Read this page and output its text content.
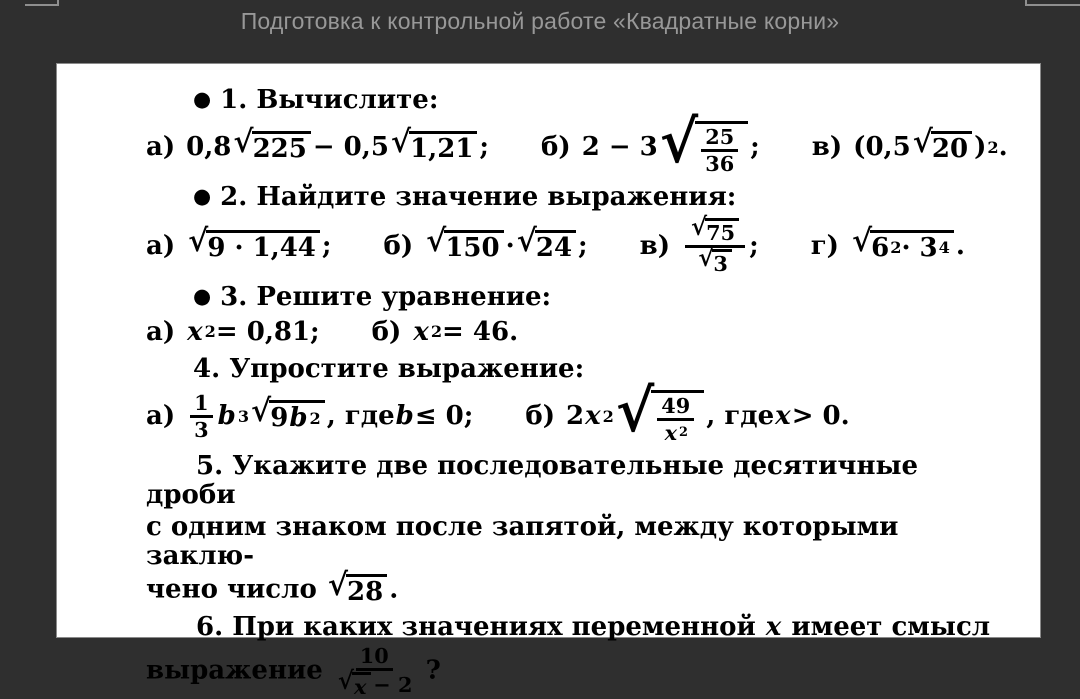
Подготовка к контрольной работе «Квадратные корни»
● 1. Вычислите:
а) 0,8 √ 225 − 0,5 √ 1,21 ; б) 2 − 3 √ $\frac{25}{36}$ ; в) (0,5 √ 20 ) 2 .
● 2. Найдите значение выражения:
а) √ 9 · 1,44 ; б) √ 150 · √ 24 ; $в) \frac{√ 75}{√ 3}$ ; г) √ 6 2 · 3 4 .
● 3. Решите уравнение:
а) x 2 = 0,81; б) x 2 = 46.
4. Упростите выражение:
$а) \frac{1}{3}$ b 3 √ 9 b 2 , где b ≤ 0; б) 2 x 2 √ $\frac{49}{x 2}$ , где x > 0.
5. Укажите две последовательные десятичные дроби
с одним знаком после запятой, между которыми заклю-
чено число √ 28 .
6. При каких значениях переменной x имеет смысл
выражение $\frac{10}{√ x - 2}$ ?
